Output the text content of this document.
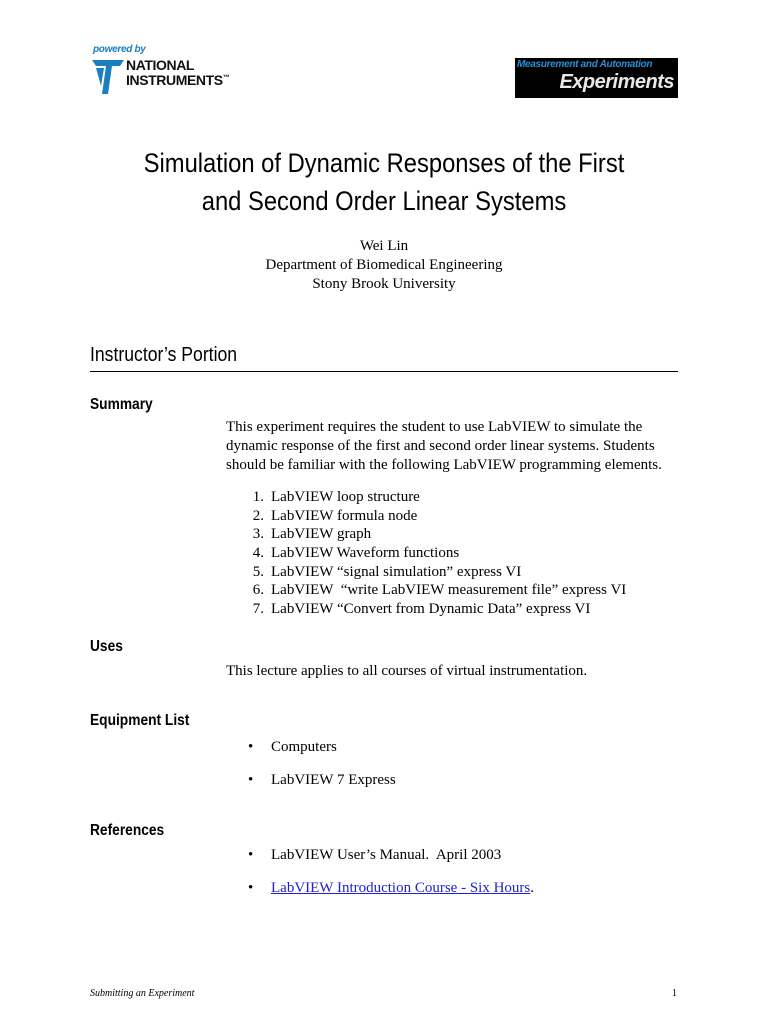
powered by
NATIONAL
INSTRUMENTS™
Measurement and Automation
Experiments
Simulation of Dynamic Responses of the First
and Second Order Linear Systems
Wei Lin
Department of Biomedical Engineering
Stony Brook University
Instructor’s Portion
Summary
This experiment requires the student to use LabVIEW to simulate the
dynamic response of the first and second order linear systems. Students
should be familiar with the following LabVIEW programming elements.
1. LabVIEW loop structure
2. LabVIEW formula node
3. LabVIEW graph
4. LabVIEW Waveform functions
5. LabVIEW “signal simulation” express VI
6. LabVIEW  “write LabVIEW measurement file” express VI
7. LabVIEW “Convert from Dynamic Data” express VI
Uses
This lecture applies to all courses of virtual instrumentation.
Equipment List
• Computers
• LabVIEW 7 Express
References
• LabVIEW User’s Manual.  April 2003
• LabVIEW Introduction Course - Six Hours.
Submitting an Experiment	1
